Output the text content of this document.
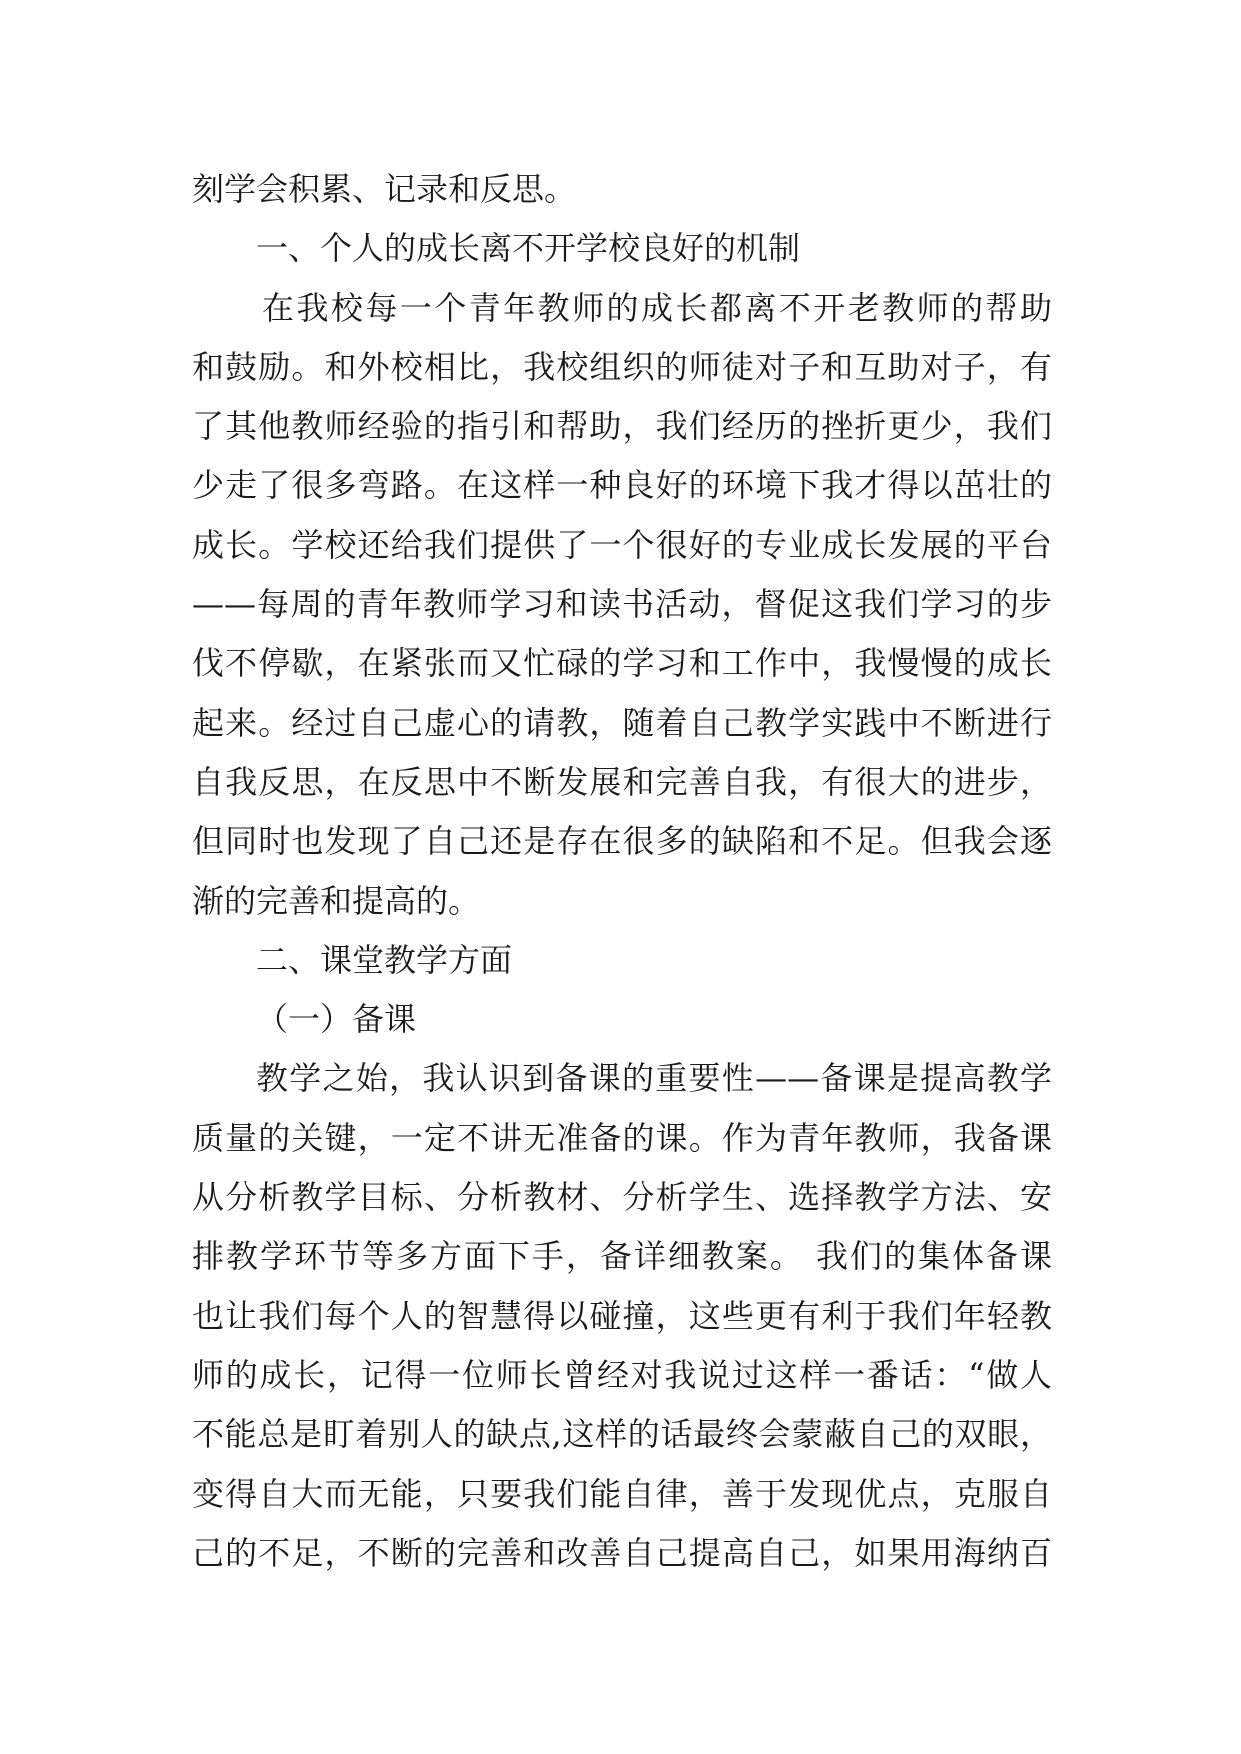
刻学会积累、记录和反思。
一、个人的成长离不开学校良好的机制
在我校每一个青年教师的成长都离不开老教师的帮助
和鼓励。和外校相比，我校组织的师徒对子和互助对子，有
了其他教师经验的指引和帮助，我们经历的挫折更少，我们
少走了很多弯路。在这样一种良好的环境下我才得以茁壮的
成长。学校还给我们提供了一个很好的专业成长发展的平台
——每周的青年教师学习和读书活动，督促这我们学习的步
伐不停歇，在紧张而又忙碌的学习和工作中，我慢慢的成长
起来。经过自己虚心的请教，随着自己教学实践中不断进行
自我反思，在反思中不断发展和完善自我，有很大的进步，
但同时也发现了自己还是存在很多的缺陷和不足。但我会逐
渐的完善和提高的。
二、课堂教学方面
（一）备课
教学之始，我认识到备课的重要性——备课是提高教学
质量的关键，一定不讲无准备的课。作为青年教师，我备课
从分析教学目标、分析教材、分析学生、选择教学方法、安
排教学环节等多方面下手，备详细教案。 我们的集体备课
也让我们每个人的智慧得以碰撞，这些更有利于我们年轻教
师的成长，记得一位师长曾经对我说过这样一番话：“做人
不能总是盯着别人的缺点,这样的话最终会蒙蔽自己的双眼，
变得自大而无能，只要我们能自律，善于发现优点，克服自
己的不足，不断的完善和改善自己提高自己，如果用海纳百
